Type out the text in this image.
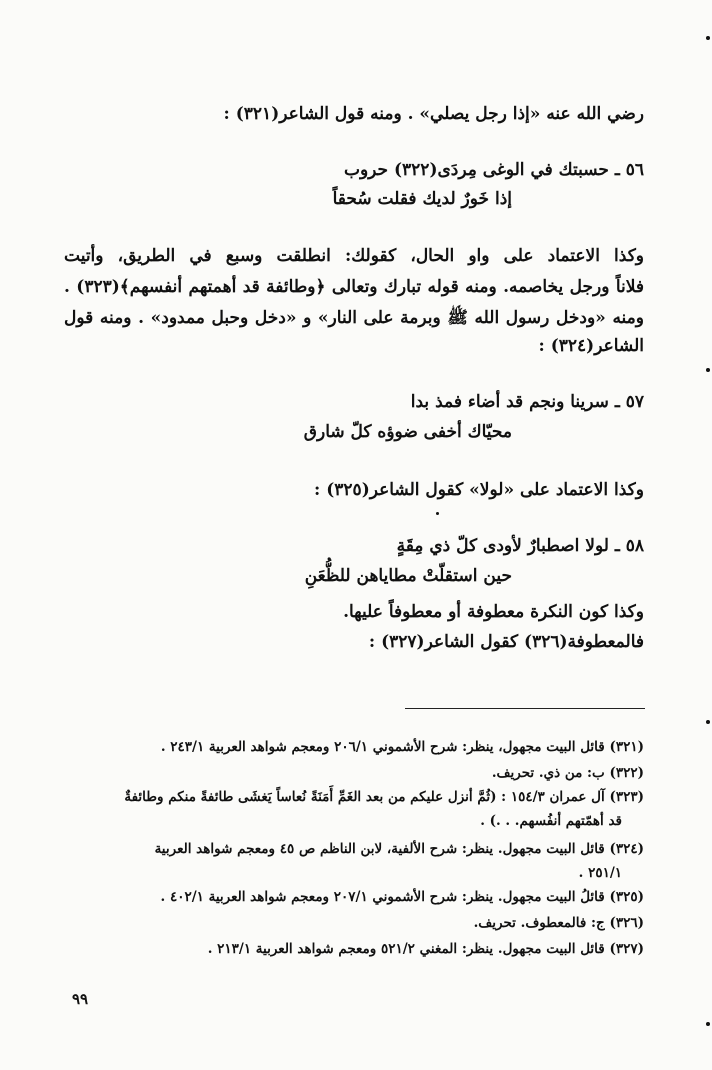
رضي الله عنه «إذا رجل يصلي» . ومنه قول الشاعر(٣٢١) :
٥٦ ـ حسبتك في الوغى مِردَى(٣٢٢) حروب
إذا خَورٌ لديك فقلت سُحقاً
وكذا الاعتماد على واو الحال، كقولك: انطلقت وسبع في الطريق، وأتيت
فلاناً ورجل يخاصمه. ومنه قوله تبارك وتعالى ﴿وطائفة قد أهمتهم أنفسهم﴾(٣٢٣) .
ومنه «ودخل رسول الله ﷺ وبرمة على النار» و «دخل وحبل ممدود» . ومنه قول
الشاعر(٣٢٤) :
٥٧ ـ سرينا ونجم قد أضاء فمذ بدا
محيّاك أخفى ضوؤه كلّ شارق
وكذا الاعتماد على «لولا» كقول الشاعر(٣٢٥) :
٥٨ ـ لولا اصطبارٌ لأودى كلّ ذي مِقَةٍ
حين استقلّتْ مطاياهن للظُّعَنِ
وكذا كون النكرة معطوفة أو معطوفاً عليها.
فالمعطوفة(٣٢٦) كقول الشاعر(٣٢٧) :
(٣٢١) قائل البيت مجهول، ينظر: شرح الأشموني ٢٠٦/١ ومعجم شواهد العربية ٢٤٣/١ .
(٣٢٢) ب: من ذي. تحريف.
(٣٢٣) آل عمران ١٥٤/٣ : (ثُمَّ أنزل عليكم من بعد الغَمِّ أَمَنَةً نُعاساً يَغشَى طائفةً منكم وطائفةٌ
قد أهمّتهم أنفُسهم. . .) .
(٣٢٤) قائل البيت مجهول. ينظر: شرح الألفية، لابن الناظم ص ٤٥ ومعجم شواهد العربية
٢٥١/١ .
(٣٢٥) قائلُ البيت مجهول. ينظر: شرح الأشموني ٢٠٧/١ ومعجم شواهد العربية ٤٠٢/١ .
(٣٢٦) ج: فالمعطوف. تحريف.
(٣٢٧) قائل البيت مجهول. ينظر: المغني ٥٢١/٢ ومعجم شواهد العربية ٢١٣/١ .
٩٩
